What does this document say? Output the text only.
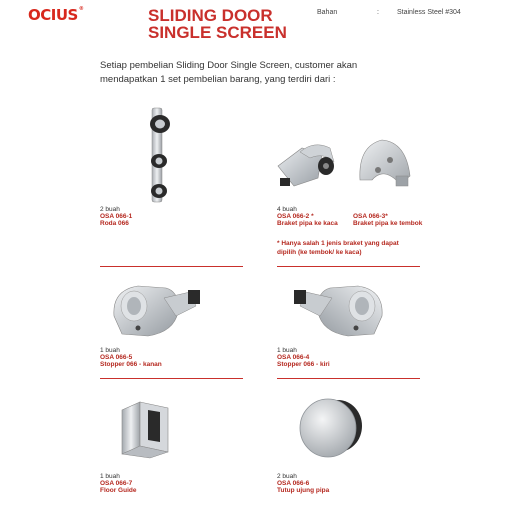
OCIUS®	SLIDING DOOR
SINGLE SCREEN
Bahan	:	Stainless Steel #304
Setiap pembelian Sliding Door Single Screen, customer akan
mendapatkan 1 set pembelian barang, yang terdiri dari :
2 buah
OSA 066-1
Roda 066
4 buah
OSA 066-2 *
Braket pipa ke kaca
OSA 066-3*
Braket pipa ke tembok
* Hanya salah 1 jenis braket yang dapat
dipilih (ke tembok/ ke kaca)
1 buah
OSA 066-5
Stopper 066 - kanan
1 buah
OSA 066-4
Stopper 066 - kiri
1 buah
OSA 066-7
Floor Guide
2 buah
OSA 066-6
Tutup ujung pipa
